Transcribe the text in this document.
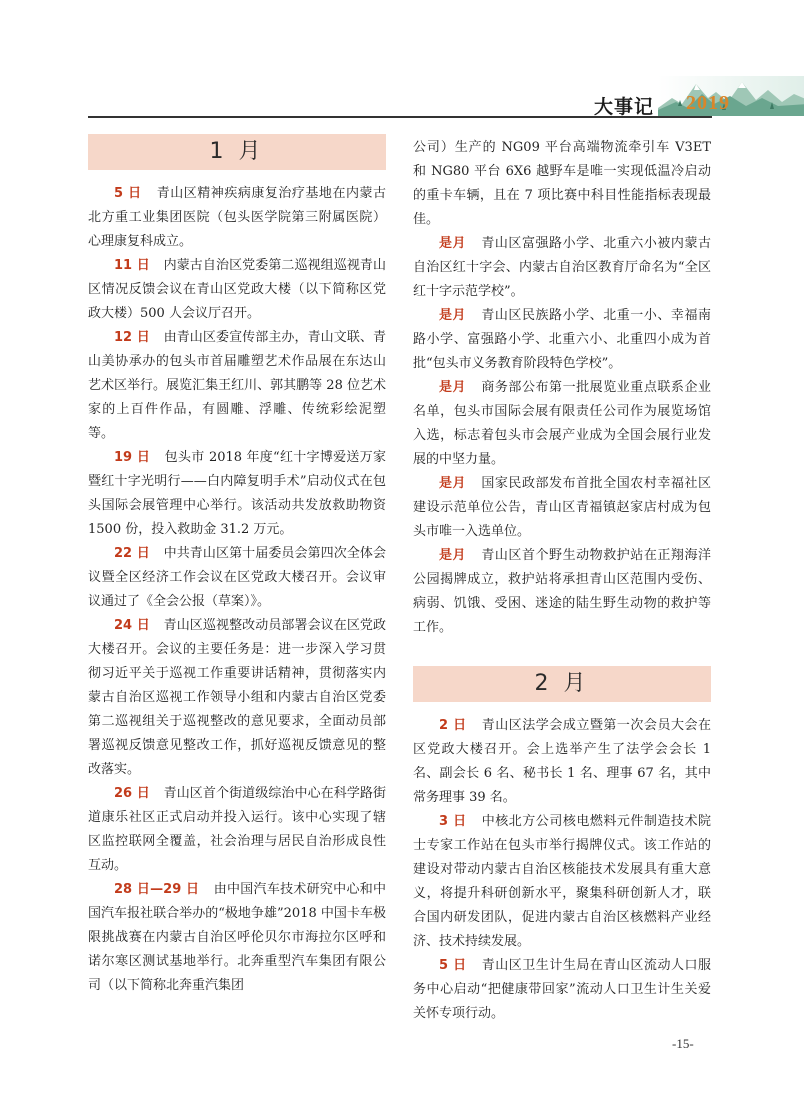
大事记 2019
1 月

5 日 青山区精神疾病康复治疗基地在内蒙古北方重工业集团医院（包头医学院第三附属医院）心理康复科成立。

11 日 内蒙古自治区党委第二巡视组巡视青山区情况反馈会议在青山区党政大楼（以下简称区党政大楼）500 人会议厅召开。

12 日 由青山区委宣传部主办，青山文联、青山美协承办的包头市首届雕塑艺术作品展在东达山艺术区举行。展览汇集王红川、郭其鹏等 28 位艺术家的上百件作品，有圆雕、浮雕、传统彩绘泥塑等。

19 日 包头市 2018 年度“红十字博爱送万家暨红十字光明行——白内障复明手术”启动仪式在包头国际会展管理中心举行。该活动共发放救助物资 1500 份，投入救助金 31.2 万元。

22 日 中共青山区第十届委员会第四次全体会议暨全区经济工作会议在区党政大楼召开。会议审议通过了《全会公报（草案）》。

24 日 青山区巡视整改动员部署会议在区党政大楼召开。会议的主要任务是：进一步深入学习贯彻习近平关于巡视工作重要讲话精神，贯彻落实内蒙古自治区巡视工作领导小组和内蒙古自治区党委第二巡视组关于巡视整改的意见要求，全面动员部署巡视反馈意见整改工作，抓好巡视反馈意见的整改落实。

26 日 青山区首个街道级综治中心在科学路街道康乐社区正式启动并投入运行。该中心实现了辖区监控联网全覆盖，社会治理与居民自治形成良性互动。

28 日—29 日 由中国汽车技术研究中心和中国汽车报社联合举办的“极地争雄”2018 中国卡车极限挑战赛在内蒙古自治区呼伦贝尔市海拉尔区呼和诺尔寒区测试基地举行。北奔重型汽车集团有限公司（以下简称北奔重汽集团

公司）生产的 NG09 平台高端物流牵引车 V3ET 和 NG80 平台 6X6 越野车是唯一实现低温冷启动的重卡车辆，且在 7 项比赛中科目性能指标表现最佳。

是月 青山区富强路小学、北重六小被内蒙古自治区红十字会、内蒙古自治区教育厅命名为“全区红十字示范学校”。

是月 青山区民族路小学、北重一小、幸福南路小学、富强路小学、北重六小、北重四小成为首批“包头市义务教育阶段特色学校”。

是月 商务部公布第一批展览业重点联系企业名单，包头市国际会展有限责任公司作为展览场馆入选，标志着包头市会展产业成为全国会展行业发展的中坚力量。

是月 国家民政部发布首批全国农村幸福社区建设示范单位公告，青山区青福镇赵家店村成为包头市唯一入选单位。

是月 青山区首个野生动物救护站在正翔海洋公园揭牌成立，救护站将承担青山区范围内受伤、病弱、饥饿、受困、迷途的陆生野生动物的救护等工作。

2 月

2 日 青山区法学会成立暨第一次会员大会在区党政大楼召开。会上选举产生了法学会会长 1 名、副会长 6 名、秘书长 1 名、理事 67 名，其中常务理事 39 名。

3 日 中核北方公司核电燃料元件制造技术院士专家工作站在包头市举行揭牌仪式。该工作站的建设对带动内蒙古自治区核能技术发展具有重大意义，将提升科研创新水平，聚集科研创新人才，联合国内研发团队，促进内蒙古自治区核燃料产业经济、技术持续发展。

5 日 青山区卫生计生局在青山区流动人口服务中心启动“把健康带回家”流动人口卫生计生关爱关怀专项行动。

-15-
